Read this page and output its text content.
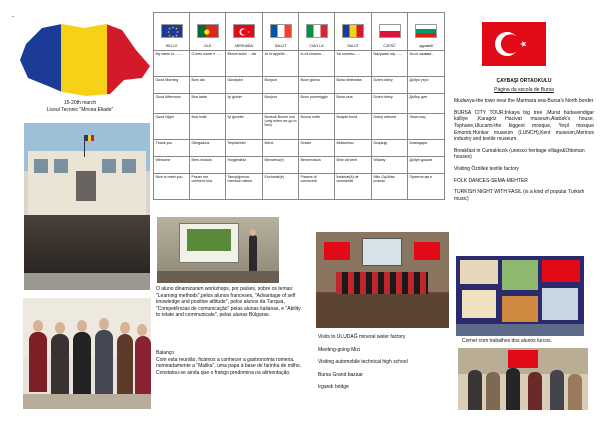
-
15-20th march
Liceul Tecnnic "Mircea Eliade"
HELLO	OLÁ	MERHABA	SALUT	CIAO LA	SALUT	CZEŚĆ	здравей
My name is.........	O meu nome é ......	Benim adım ... ise	Je m'appelle ...	Io mi chiamo...	Sa numesc......	Nazywam się.......	Аз се казвам...
Good Morning	Bom dia	Günaydın	Bonjour	Buon giorno	Buna dimineata	Dzień dobry	Добро утро
Good Afternoon	Boa tarde	İyi günler	Bonjour	Buon pomeriggio	Buna ziua	Dzień dobry	Добър ден
Good Night	Boa noite	İyi geceler	Bonsoir Bonne nuit (only when we go to bed)	Buona notte	Noapte bună	Dobry wieczór	Лека нощ
Thank you	Obrigado/a	Teşekkürler	Merci	Grazie	Mulțumesc	Dziękuję	Благодаря
Welcome	Bem-vindo/a	Hoşgeldiniz	Bienvenu(e)	Benvenuto/a	Bine ați venit	Witamy	Добре дошли
Nice to meet you	Prazer em conhecê-lo/a	Tanıştığımıza memnun oldum.	Enchanté(e)	Piacere di conoscerti	Încântat(ă) de cunoștință	Miło Cię/Was poznać	Приятно ми е
ÇAYBAŞI ORTAOKULU
Página da escola de Bursa
Mudanya-the town near the Marmara sea-Bursa's North border
BURSA CITY TOUR:İnkaya big tree ,Murat hüdavendigar külliye ,Karagöz Hacivat museum,Atatürk's house, Tophane,Ulucami-the biggest mosque, Yeşil mosque Emomb,Hünkar museum (LUNCH),Kent museum,Merinos industry and textile museum.
Breakfast in Cumalıkızık (unesco heritage village&Ottoman houses)
Visiting Özdilek textile factory
FOLK DANCES-SEMA-MEHTER
TURKISH NIGHT WITH FASIL (is a kind of popular Turkish music)
O aluno dinamizaram workshops, por países, sobre os temas: "Learning methods",pelos alunos franceses, "Advantage of self knowledge and positive attitude", pelos alunos da Turquia, "Competências de comunicação" pelas alunas italianas, e "Ability to relate and communicate", pelas alunas Búlgaras.
Balanço
Com esta reunião, ficámos a conhecer a gastronomia romena, nomeadamente a "Malika", uma papa à base de farinha de milho. Constatou-se ainda que o frango predomina na alimentação.
Visits to ULUDAĞ mineral water factory
Meeting-going Mizi
Visiting automobile technical high school
Bursa Grand bazaar
Irgandı bridge
Corner com trabalhos dos alunos turcos.
